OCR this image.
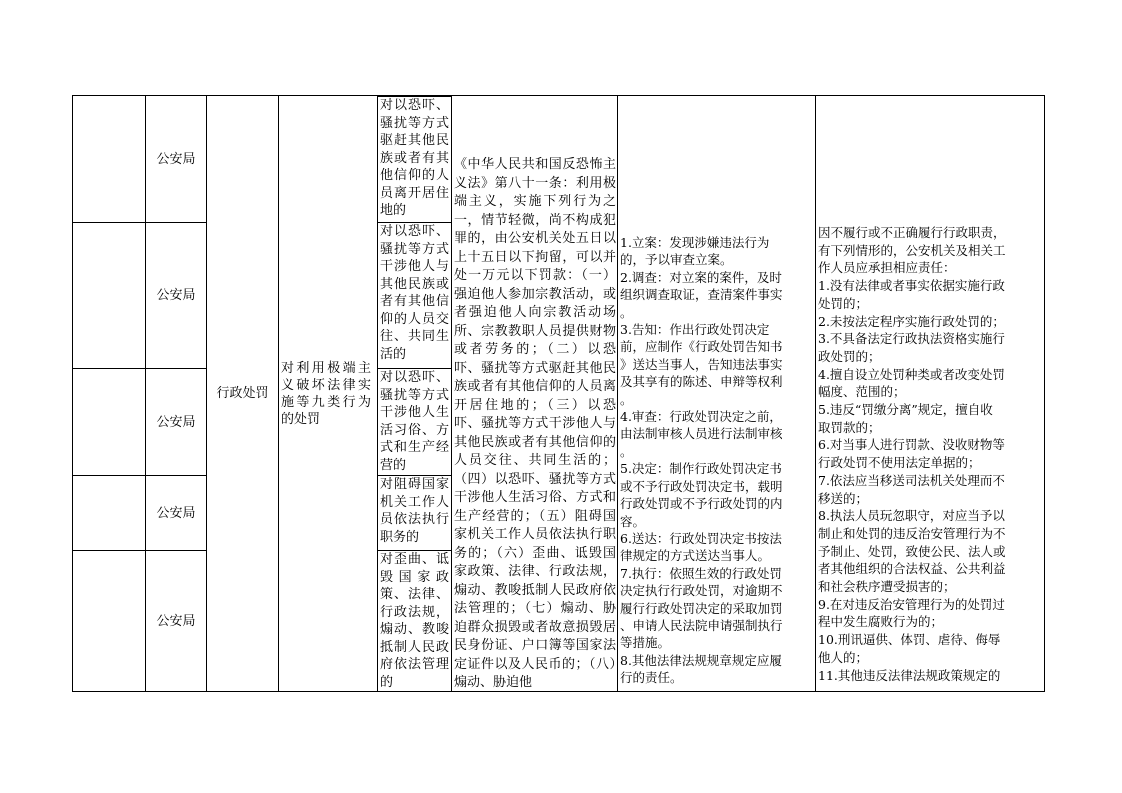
公安局
公安局
公安局
公安局
公安局
行政处罚
对利用极端主义破坏法律实施等九类行为的处罚
对以恐吓、骚扰等方式驱赶其他民族或者有其他信仰的人员离开居住地的
对以恐吓、骚扰等方式干涉他人与其他民族或者有其他信仰的人员交往、共同生活的
对以恐吓、骚扰等方式干涉他人生活习俗、方式和生产经营的
对阻碍国家机关工作人员依法执行职务的
对歪曲、诋毁国家政策、法律、行政法规，煽动、教唆抵制人民政府依法管理的
《中华人民共和国反恐怖主义法》第八十一条：利用极端主义，实施下列行为之一，情节轻微，尚不构成犯罪的，由公安机关处五日以上十五日以下拘留，可以并处一万元以下罚款：（一）强迫他人参加宗教活动，或者强迫他人向宗教活动场所、宗教教职人员提供财物或者劳务的；（二）以恐吓、骚扰等方式驱赶其他民族或者有其他信仰的人员离开居住地的；（三）以恐吓、骚扰等方式干涉他人与其他民族或者有其他信仰的人员交往、共同生活的；（四）以恐吓、骚扰等方式干涉他人生活习俗、方式和生产经营的；（五）阻碍国家机关工作人员依法执行职务的；（六）歪曲、诋毁国家政策、法律、行政法规，煽动、教唆抵制人民政府依法管理的；（七）煽动、胁迫群众损毁或者故意损毁居民身份证、户口簿等国家法定证件以及人民币的；（八）煽动、胁迫他
1.立案：发现涉嫌违法行为
的，予以审查立案。
2.调查：对立案的案件，及时
组织调查取证，查清案件事实
。
3.告知：作出行政处罚决定
前，应制作《行政处罚告知书
》送达当事人，告知违法事实
及其享有的陈述、申辩等权利
。
4.审查：行政处罚决定之前，
由法制审核人员进行法制审核
。
5.决定：制作行政处罚决定书
或不予行政处罚决定书，载明
行政处罚或不予行政处罚的内
容。
6.送达：行政处罚决定书按法
律规定的方式送达当事人。
7.执行：依照生效的行政处罚
决定执行行政处罚，对逾期不
履行行政处罚决定的采取加罚
、申请人民法院申请强制执行
等措施。
8.其他法律法规规章规定应履
行的责任。
因不履行或不正确履行行政职责，
有下列情形的，公安机关及相关工
作人员应承担相应责任：
1.没有法律或者事实依据实施行政
处罚的；
2.未按法定程序实施行政处罚的；
3.不具备法定行政执法资格实施行
政处罚的；
4.擅自设立处罚种类或者改变处罚
幅度、范围的；
5.违反“罚缴分离”规定，擅自收
取罚款的；
6.对当事人进行罚款、没收财物等
行政处罚不使用法定单据的；
7.依法应当移送司法机关处理而不
移送的；
8.执法人员玩忽职守，对应当予以
制止和处罚的违反治安管理行为不
予制止、处罚，致使公民、法人或
者其他组织的合法权益、公共利益
和社会秩序遭受损害的；
9.在对违反治安管理行为的处罚过
程中发生腐败行为的；
10.刑讯逼供、体罚、虐待、侮辱
他人的；
11.其他违反法律法规政策规定的
